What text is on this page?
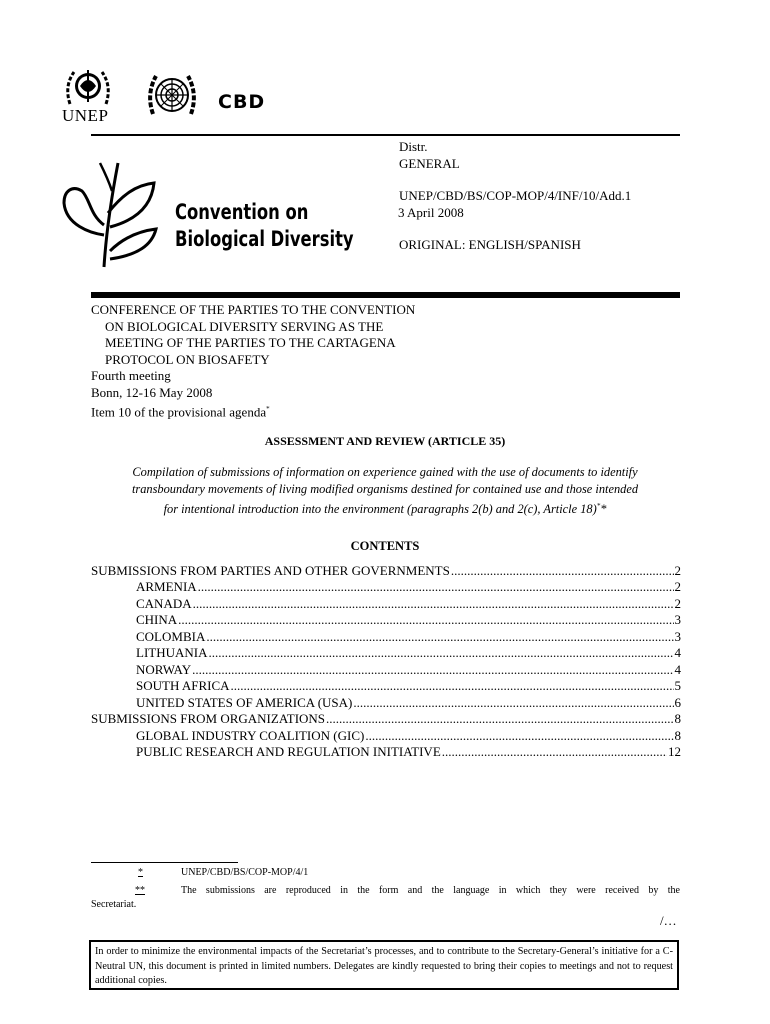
UNEP
CBD
Convention on
Biological Diversity
Distr.
GENERAL
UNEP/CBD/BS/COP-MOP/4/INF/10/Add.1
3 April 2008
ORIGINAL: ENGLISH/SPANISH
CONFERENCE OF THE PARTIES TO THE CONVENTION
ON BIOLOGICAL DIVERSITY SERVING AS THE
MEETING OF THE PARTIES TO THE CARTAGENA
PROTOCOL ON BIOSAFETY
Fourth meeting
Bonn, 12-16 May 2008
Item 10 of the provisional agenda*
ASSESSMENT AND REVIEW (ARTICLE 35)
Compilation of submissions of information on experience gained with the use of documents to identify
transboundary movements of living modified organisms destined for contained use and those intended
for intentional introduction into the environment (paragraphs 2(b) and 2(c), Article 18)**
CONTENTS
SUBMISSIONS FROM PARTIES AND OTHER GOVERNMENTS .....	2
ARMENIA .....	2
CANADA .....	2
CHINA .....	3
COLOMBIA .....	3
LITHUANIA .....	4
NORWAY .....	4
SOUTH AFRICA .....	5
UNITED STATES OF AMERICA (USA) .....	6
SUBMISSIONS FROM ORGANIZATIONS .....	8
GLOBAL INDUSTRY COALITION (GIC) .....	8
PUBLIC RESEARCH AND REGULATION INITIATIVE .....	12
*	UNEP/CBD/BS/COP-MOP/4/1
**	The submissions are reproduced in the form and the language in which they were received by the
Secretariat.
/…
In order to minimize the environmental impacts of the Secretariat’s processes, and to contribute to the Secretary-General’s initiative for a C-Neutral UN, this document is printed in limited numbers. Delegates are kindly requested to bring their copies to meetings and not to request additional copies.
